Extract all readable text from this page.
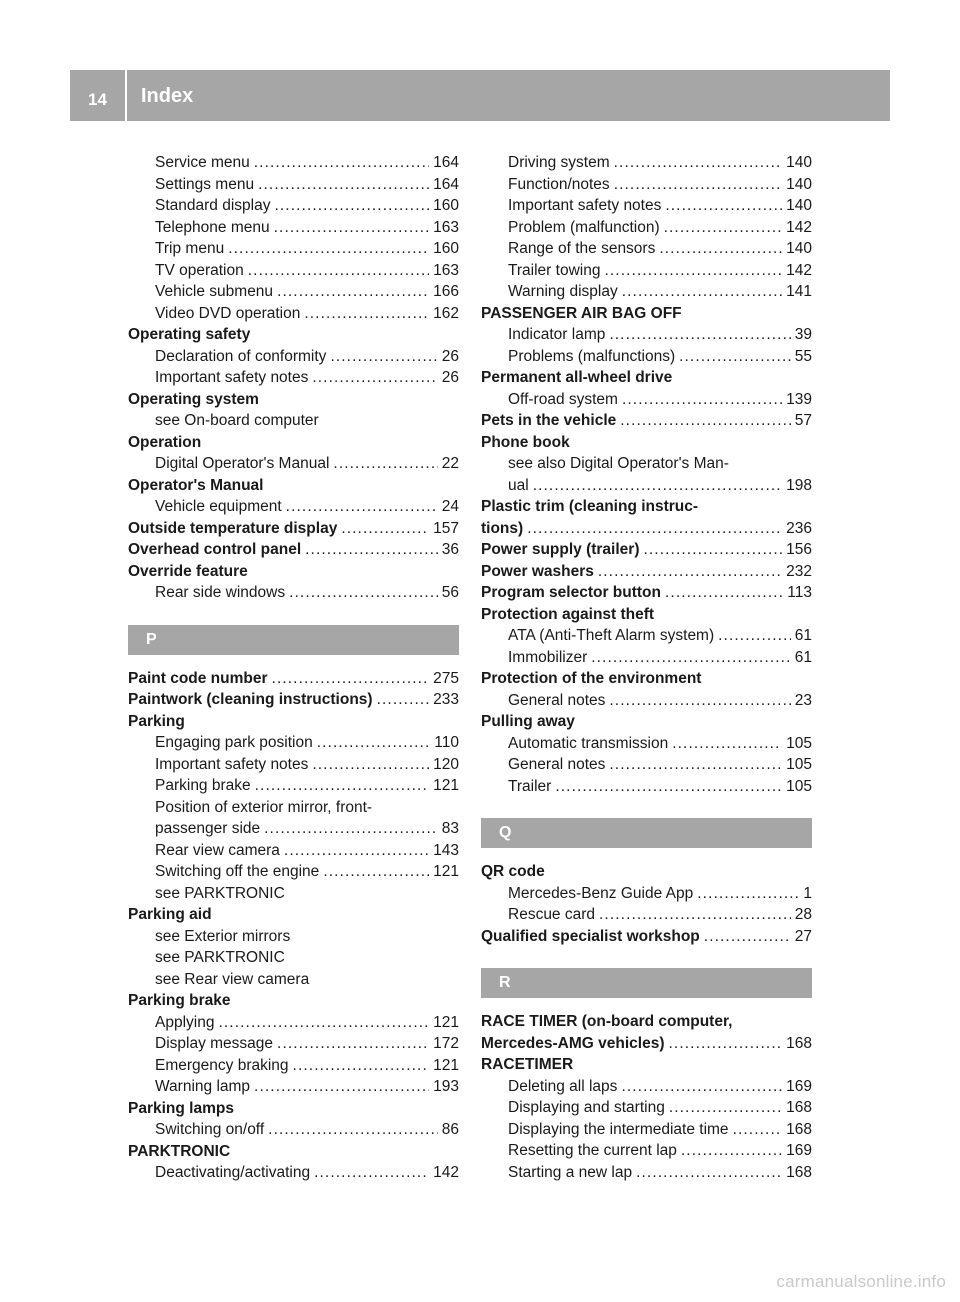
14	Index
Service menu . . .	164
Settings menu . . .	164
Standard display . . .	160
Telephone menu . . .	163
Trip menu . . .	160
TV operation . . .	163
Vehicle submenu . . .	166
Video DVD operation . . .	162
Operating safety
Declaration of conformity . . .	26
Important safety notes . . .	26
Operating system
see On-board computer
Operation
Digital Operator's Manual . . .	22
Operator's Manual
Vehicle equipment . . .	24
Outside temperature display . . .	157
Overhead control panel . . .	36
Override feature
Rear side windows . . .	56
P
Paint code number . . .	275
Paintwork (cleaning instructions) . . .	233
Parking
Engaging park position . . .	110
Important safety notes . . .	120
Parking brake . . .	121
Position of exterior mirror, front-
passenger side . . .	83
Rear view camera . . .	143
Switching off the engine . . .	121
see PARKTRONIC
Parking aid
see Exterior mirrors
see PARKTRONIC
see Rear view camera
Parking brake
Applying . . .	121
Display message . . .	172
Emergency braking . . .	121
Warning lamp . . .	193
Parking lamps
Switching on/off . . .	86
PARKTRONIC
Deactivating/activating . . .	142
Driving system . . .	140
Function/notes . . .	140
Important safety notes . . .	140
Problem (malfunction) . . .	142
Range of the sensors . . .	140
Trailer towing . . .	142
Warning display . . .	141
PASSENGER AIR BAG OFF
Indicator lamp . . .	39
Problems (malfunctions) . . .	55
Permanent all-wheel drive
Off-road system . . .	139
Pets in the vehicle . . .	57
Phone book
see also Digital Operator's Man-
ual . . .	198
Plastic trim (cleaning instruc-
tions) . . .	236
Power supply (trailer) . . .	156
Power washers . . .	232
Program selector button . . .	113
Protection against theft
ATA (Anti-Theft Alarm system) . . .	61
Immobilizer . . .	61
Protection of the environment
General notes . . .	23
Pulling away
Automatic transmission . . .	105
General notes . . .	105
Trailer . . .	105
Q
QR code
Mercedes-Benz Guide App . . .	1
Rescue card . . .	28
Qualified specialist workshop . . .	27
R
RACE TIMER (on-board computer,
Mercedes-AMG vehicles) . . .	168
RACETIMER
Deleting all laps . . .	169
Displaying and starting . . .	168
Displaying the intermediate time . . .	168
Resetting the current lap . . .	169
Starting a new lap . . .	168
carmanualsonline.info
